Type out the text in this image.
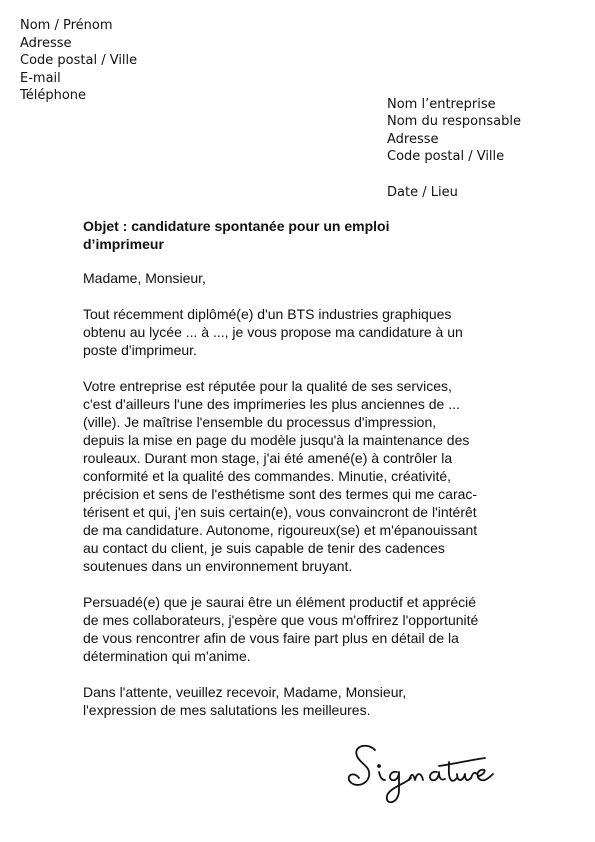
Nom / Prénom
Adresse
Code postal / Ville
E-mail
Téléphone
Nom l’entreprise
Nom du responsable
Adresse
Code postal / Ville
Date / Lieu
Objet : candidature spontanée pour un emploi
d’imprimeur

Madame, Monsieur,

Tout récemment diplômé(e) d'un BTS industries graphiques
obtenu au lycée ... à ..., je vous propose ma candidature à un
poste d'imprimeur.

Votre entreprise est réputée pour la qualité de ses services,
c'est d'ailleurs l'une des imprimeries les plus anciennes de ...
(ville). Je maîtrise l'ensemble du processus d'impression,
depuis la mise en page du modèle jusqu'à la maintenance des
rouleaux. Durant mon stage, j'ai été amené(e) à contrôler la
conformité et la qualité des commandes. Minutie, créativité,
précision et sens de l'esthétisme sont des termes qui me carac-
térisent et qui, j'en suis certain(e), vous convaincront de l'intérêt
de ma candidature. Autonome, rigoureux(se) et m'épanouissant
au contact du client, je suis capable de tenir des cadences
soutenues dans un environnement bruyant.

Persuadé(e) que je saurai être un élément productif et apprécié
de mes collaborateurs, j'espère que vous m'offrirez l'opportunité
de vous rencontrer afin de vous faire part plus en détail de la
détermination qui m'anime.

Dans l'attente, veuillez recevoir, Madame, Monsieur,
l'expression de mes salutations les meilleures.
